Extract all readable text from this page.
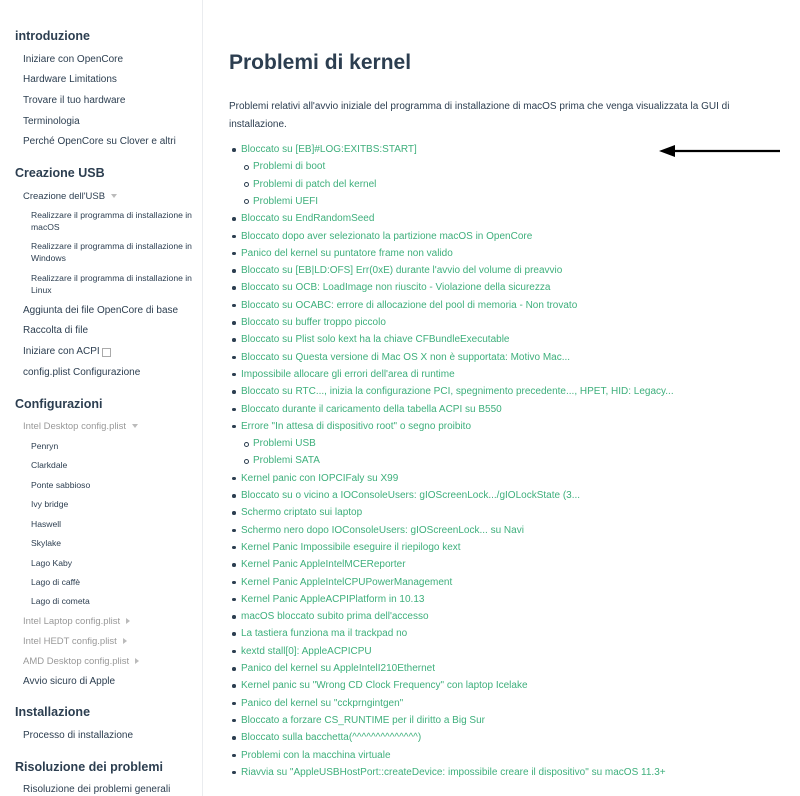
introduzione
Iniziare con OpenCore
Hardware Limitations
Trovare il tuo hardware
Terminologia
Perché OpenCore su Clover e altri
Creazione USB
Creazione dell'USB
Realizzare il programma di installazione in macOS
Realizzare il programma di installazione in Windows
Realizzare il programma di installazione in Linux
Aggiunta dei file OpenCore di base
Raccolta di file
Iniziare con ACPI
config.plist Configurazione
Configurazioni
Intel Desktop config.plist
Penryn
Clarkdale
Ponte sabbioso
Ivy bridge
Haswell
Skylake
Lago Kaby
Lago di caffè
Lago di cometa
Intel Laptop config.plist
Intel HEDT config.plist
AMD Desktop config.plist
Avvio sicuro di Apple
Installazione
Processo di installazione
Risoluzione dei problemi
Risoluzione dei problemi generali
Problemi di kernel
Problemi relativi all'avvio iniziale del programma di installazione di macOS prima che venga visualizzata la GUI di installazione.
Bloccato su [EB]#LOG:EXITBS:START]
Problemi di boot
Problemi di patch del kernel
Problemi UEFI
Bloccato su EndRandomSeed
Bloccato dopo aver selezionato la partizione macOS in OpenCore
Panico del kernel su puntatore frame non valido
Bloccato su [EB|LD:OFS] Err(0xE) durante l'avvio del volume di preavvio
Bloccato su OCB: LoadImage non riuscito - Violazione della sicurezza
Bloccato su OCABC: errore di allocazione del pool di memoria - Non trovato
Bloccato su buffer troppo piccolo
Bloccato su Plist solo kext ha la chiave CFBundleExecutable
Bloccato su Questa versione di Mac OS X non è supportata: Motivo Mac...
Impossibile allocare gli errori dell'area di runtime
Bloccato su RTC..., inizia la configurazione PCI, spegnimento precedente..., HPET, HID: Legacy...
Bloccato durante il caricamento della tabella ACPI su B550
Errore "In attesa di dispositivo root" o segno proibito
Problemi USB
Problemi SATA
Kernel panic con IOPCIFaly su X99
Bloccato su o vicino a IOConsoleUsers: gIOScreenLock.../gIOLockState (3...
Schermo criptato sui laptop
Schermo nero dopo IOConsoleUsers: gIOScreenLock... su Navi
Kernel Panic Impossibile eseguire il riepilogo kext
Kernel Panic AppleIntelMCEReporter
Kernel Panic AppleIntelCPUPowerManagement
Kernel Panic AppleACPIPlatform in 10.13
macOS bloccato subito prima dell'accesso
La tastiera funziona ma il trackpad no
kextd stall[0]: AppleACPICPU
Panico del kernel su AppleIntelI210Ethernet
Kernel panic su "Wrong CD Clock Frequency" con laptop Icelake
Panico del kernel su "cckprngintgen"
Bloccato a forzare CS_RUNTIME per il diritto a Big Sur
Bloccato sulla bacchetta(^^^^^^^^^^^^^^)
Problemi con la macchina virtuale
Riavvia su "AppleUSBHostPort::createDevice: impossibile creare il dispositivo" su macOS 11.3+
